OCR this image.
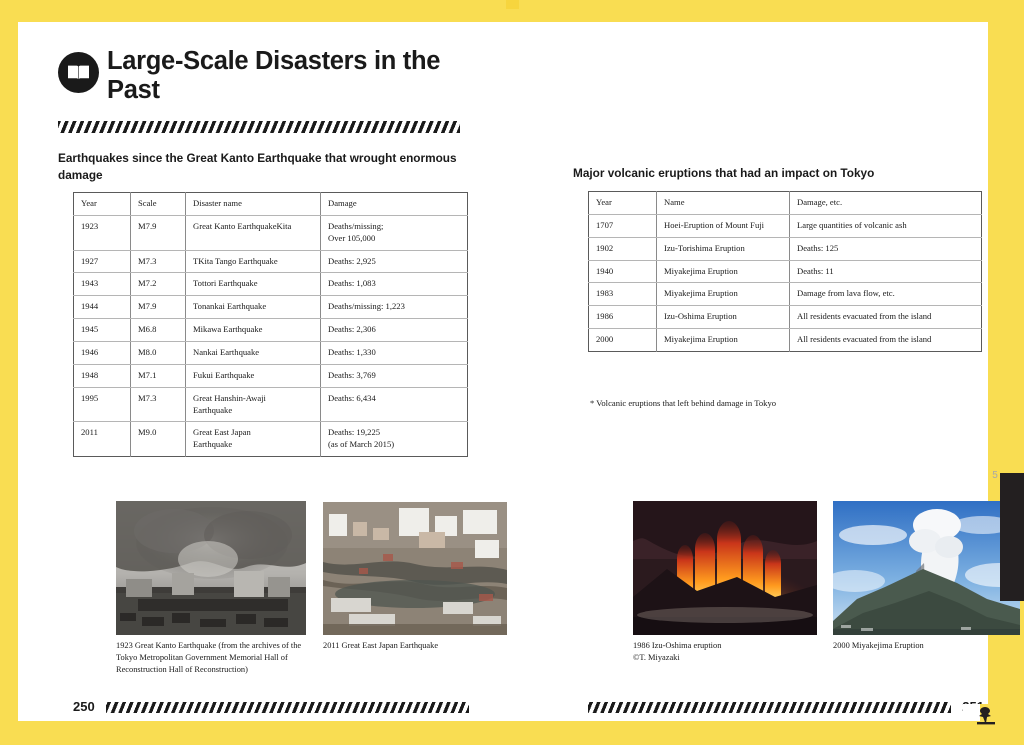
Large-Scale Disasters in the Past

Earthquakes since the Great Kanto Earthquake that wrought enormous damage	Major volcanic eruptions that had an impact on Tokyo

Year	Scale	Disaster name	Damage
1923	M7.9	Great Kanto EarthquakeKita	Deaths/missing;
Over 105,000
1927	M7.3	TKita Tango Earthquake	Deaths: 2,925
1943	M7.2	Tottori Earthquake	Deaths: 1,083
1944	M7.9	Tonankai Earthquake	Deaths/missing: 1,223
1945	M6.8	Mikawa Earthquake	Deaths: 2,306
1946	M8.0	Nankai Earthquake	Deaths: 1,330
1948	M7.1	Fukui Earthquake	Deaths: 3,769
1995	M7.3	Great Hanshin-Awaji
Earthquake	Deaths: 6,434
2011	M9.0	Great East Japan
Earthquake	Deaths: 19,225
(as of March 2015)
Year	Name	Damage, etc.
1707	Hoei-Eruption of Mount Fuji	Large quantities of volcanic ash
1902	Izu-Torishima Eruption	Deaths: 125
1940	Miyakejima Eruption	Deaths: 11
1983	Miyakejima Eruption	Damage from lava flow, etc.
1986	Izu-Oshima Eruption	All residents evacuated from the island
2000	Miyakejima Eruption	All residents evacuated from the island

* Volcanic eruptions that left behind damage in Tokyo

1923 Great Kanto Earthquake (from the archives of the Tokyo Metropolitan Government Memorial Hall of Reconstruction Hall of Reconstruction)
2011 Great East Japan Earthquake	1986 Izu-Oshima eruption
©T. Miyazaki
2000 Miyakejima Eruption
250
5
